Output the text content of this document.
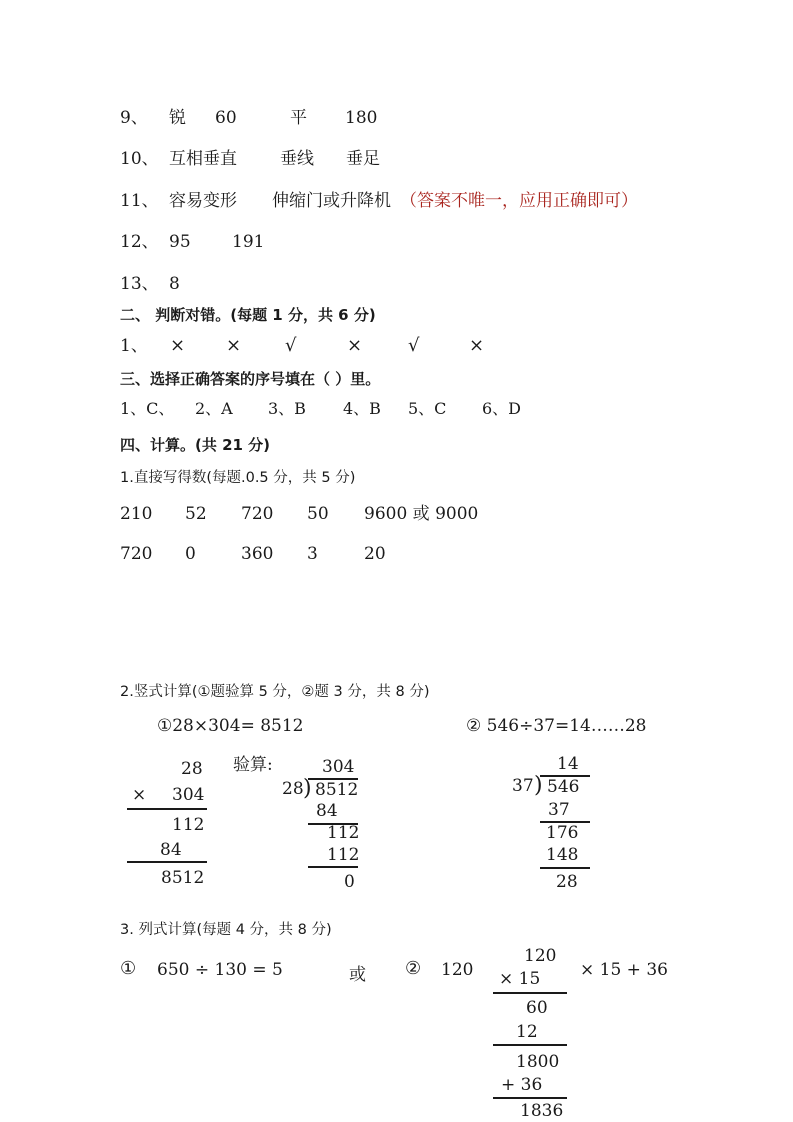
9、 锐 60	平 180
10、 互相垂直	垂线 垂足
11、 容易变形 伸缩门或升降机 （答案不唯一，应用正确即可）
12、 95 191
13、 8
二、 判断对错。(每题 1 分，共 6 分)
1、 × × √	×	√	×
三、选择正确答案的序号填在（ ）里。
1、C、 2、A 3、B 4、B 5、C 6、D
四、计算。(共 21 分)
1.直接写得数(每题.0.5 分，共 5 分)
210 52 720 50 9600 或 9000
720 0	360 3	20
2.竖式计算(①题验算 5 分，②题 3 分，共 8 分)
①28×304= 8512	② 546÷37=14……28
28
× 304
112
84
8512
验算:	304
28 ) 8512
84
112
112
0
14
37 ) 546
37
176
148
28
3. 列式计算(每题 4 分，共 8 分)
① 650 ÷ 130 = 5	或 ② 120	× 15 + 36
120
× 15
60
12
1800
+ 36
1836
